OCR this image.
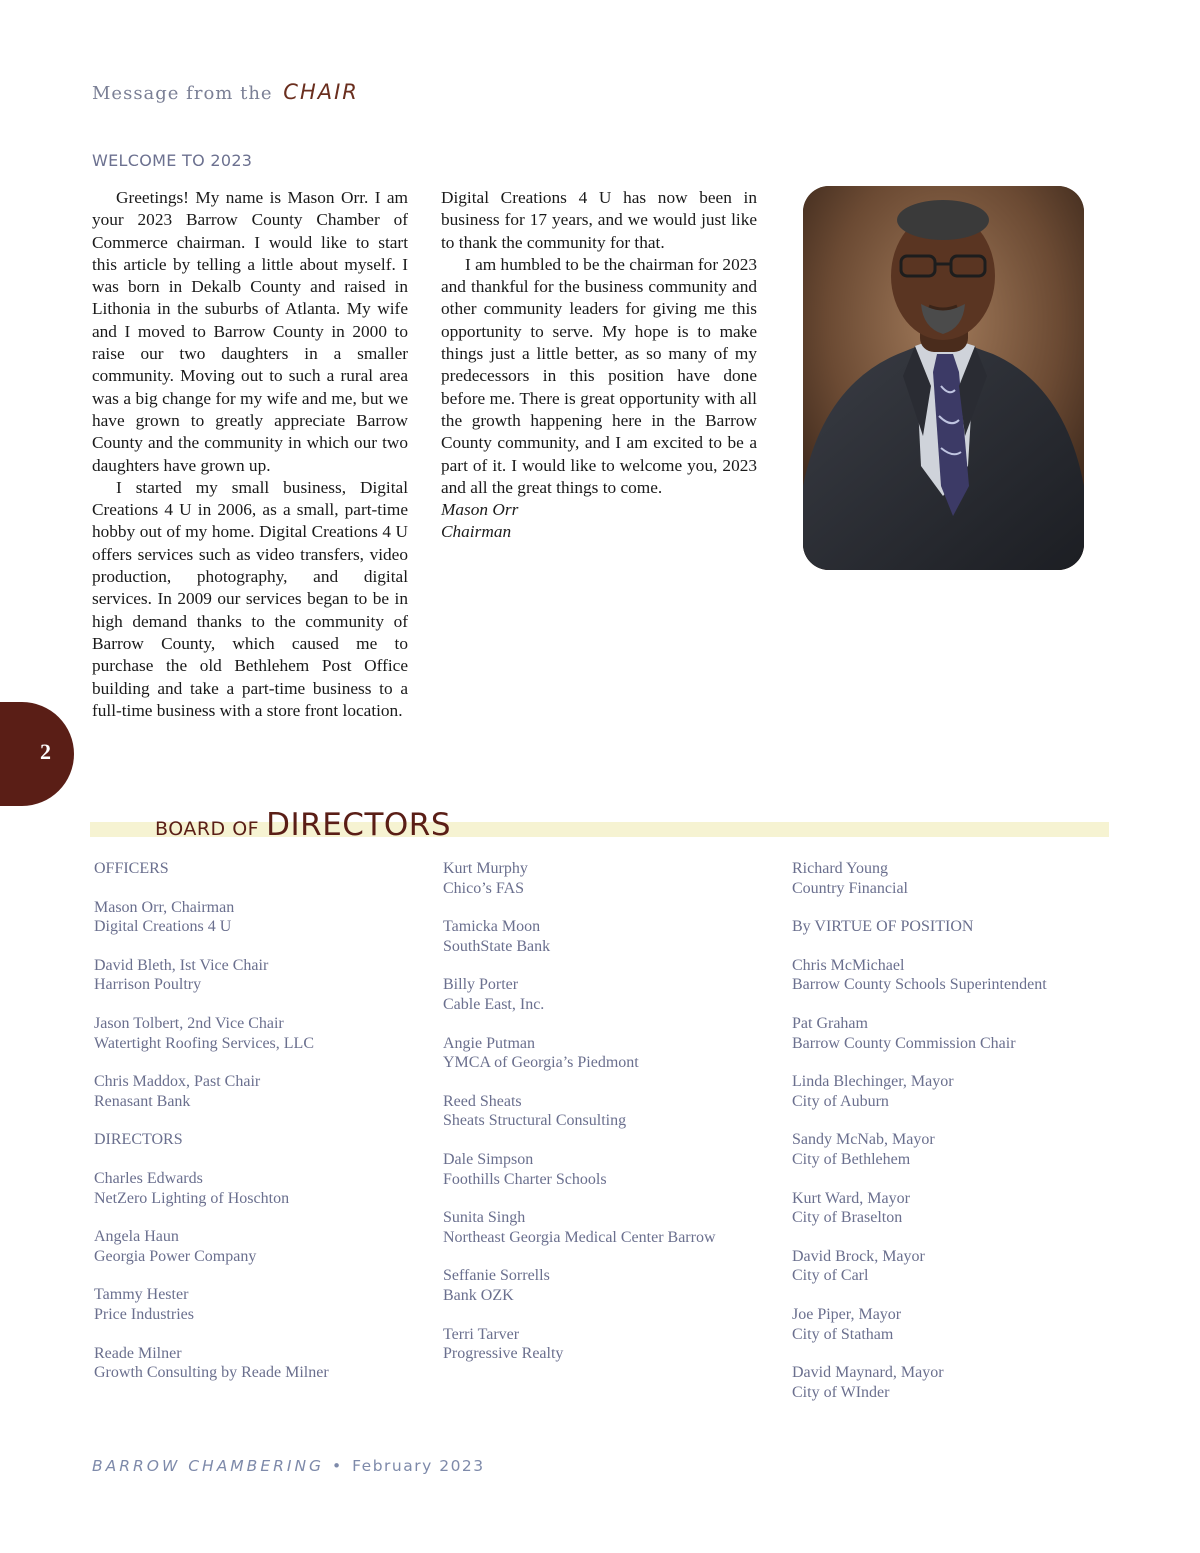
Message from the CHAIR
WELCOME TO 2023

Greetings! My name is Mason Orr. I am your 2023 Barrow County Chamber of Commerce chairman. I would like to start this article by telling a little about myself. I was born in Dekalb County and raised in Lithonia in the suburbs of Atlanta. My wife and I moved to Barrow County in 2000 to raise our two daughters in a smaller community. Moving out to such a rural area was a big change for my wife and me, but we have grown to greatly appreciate Barrow County and the community in which our two daughters have grown up.

I started my small business, Digital Creations 4 U in 2006, as a small, part-time hobby out of my home. Digital Creations 4 U offers services such as video transfers, video production, photography, and digital services. In 2009 our services began to be in high demand thanks to the community of Barrow County, which caused me to purchase the old Bethlehem Post Office building and take a part-time business to a full-time business with a store front location.

Digital Creations 4 U has now been in business for 17 years, and we would just like to thank the community for that.

I am humbled to be the chairman for 2023 and thankful for the business community and other community leaders for giving me this opportunity to serve. My hope is to make things just a little better, as so many of my predecessors in this position have done before me. There is great opportunity with all the growth happening here in the Barrow County community, and I am excited to be a part of it. I would like to welcome you, 2023 and all the great things to come.

Mason Orr
Chairman

2
BOARD OF DIRECTORS
OFFICERS
Mason Orr, Chairman
Digital Creations 4 U
David Bleth, Ist Vice Chair
Harrison Poultry
Jason Tolbert, 2nd Vice Chair
Watertight Roofing Services, LLC
Chris Maddox, Past Chair
Renasant Bank
DIRECTORS
Charles Edwards
NetZero Lighting of Hoschton
Angela Haun
Georgia Power Company
Tammy Hester
Price Industries
Reade Milner
Growth Consulting by Reade Milner
Kurt Murphy
Chico’s FAS
Tamicka Moon
SouthState Bank
Billy Porter
Cable East, Inc.
Angie Putman
YMCA of Georgia’s Piedmont
Reed Sheats
Sheats Structural Consulting
Dale Simpson
Foothills Charter Schools
Sunita Singh
Northeast Georgia Medical Center Barrow
Seffanie Sorrells
Bank OZK
Terri Tarver
Progressive Realty
Richard Young
Country Financial
By VIRTUE OF POSITION
Chris McMichael
Barrow County Schools Superintendent
Pat Graham
Barrow County Commission Chair
Linda Blechinger, Mayor
City of Auburn
Sandy McNab, Mayor
City of Bethlehem
Kurt Ward, Mayor
City of Braselton
David Brock, Mayor
City of Carl
Joe Piper, Mayor
City of Statham
David Maynard, Mayor
City of WInder
BARROW CHAMBERING • February 2023
